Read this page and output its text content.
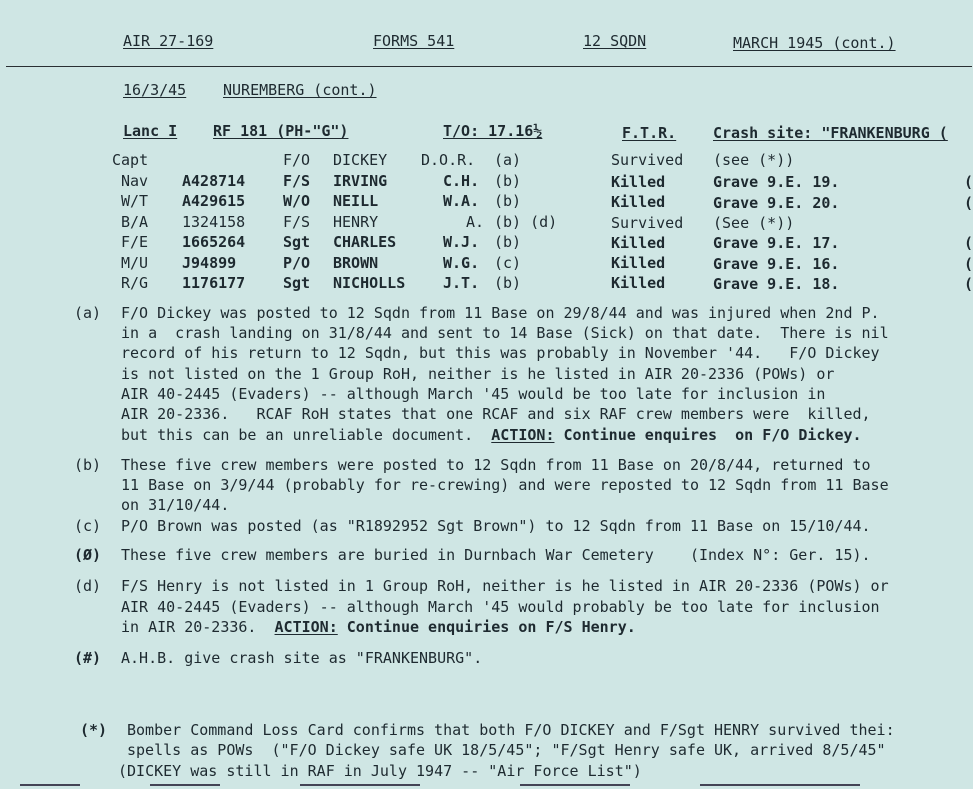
AIR 27-169	FORMS 541	12 SQDN	MARCH 1945 (cont.)
16/3/45 NUREMBERG (cont.)
Lanc I RF 181 (PH-"G")	T/O: 17.16½	F.T.R. Crash site: "FRANKENBURG (
Capt	F/O DICKEY D.O.R. (a)	Survived (see (*))
Nav A428714	F/S IRVING	C.H. (b)	Killed	Grave 9.E. 19.	(
W/T A429615	W/O NEILL	W.A. (b)	Killed	Grave 9.E. 20.	(
B/A 1324158	F/S HENRY	A. (b) (d)	Survived (See (*))
F/E 1665264	Sgt CHARLES	W.J. (b)	Killed	Grave 9.E. 17.	(
M/U J94899	P/O BROWN	W.G. (c)	Killed	Grave 9.E. 16.	(
R/G 1176177	Sgt NICHOLLS	J.T. (b)	Killed	Grave 9.E. 18.	(
(a) F/O Dickey was posted to 12 Sqdn from 11 Base on 29/8/44 and was injured when 2nd P.
in a  crash landing on 31/8/44 and sent to 14 Base (Sick) on that date.  There is nil
record of his return to 12 Sqdn, but this was probably in November '44.   F/O Dickey
is not listed on the 1 Group RoH, neither is he listed in AIR 20-2336 (POWs) or
AIR 40-2445 (Evaders) -- although March '45 would be too late for inclusion in
AIR 20-2336.   RCAF RoH states that one RCAF and six RAF crew members were  killed,
but this can be an unreliable document.  ACTION: Continue enquires  on F/O Dickey.
(b) These five crew members were posted to 12 Sqdn from 11 Base on 20/8/44, returned to
11 Base on 3/9/44 (probably for re-crewing) and were reposted to 12 Sqdn from 11 Base
on 31/10/44.
(c) P/O Brown was posted (as "R1892952 Sgt Brown") to 12 Sqdn from 11 Base on 15/10/44.
(Ø) These five crew members are buried in Durnbach War Cemetery    (Index N°: Ger. 15).
(d) F/S Henry is not listed in 1 Group RoH, neither is he listed in AIR 20-2336 (POWs) or
AIR 40-2445 (Evaders) -- although March '45 would probably be too late for inclusion
in AIR 20-2336.  ACTION: Continue enquiries on F/S Henry.
(#) A.H.B. give crash site as "FRANKENBURG".
(*) Bomber Command Loss Card confirms that both F/O DICKEY and F/Sgt HENRY survived thei:
spells as POWs  ("F/O Dickey safe UK 18/5/45"; "F/Sgt Henry safe UK, arrived 8/5/45"
(DICKEY was still in RAF in July 1947 -- "Air Force List")
